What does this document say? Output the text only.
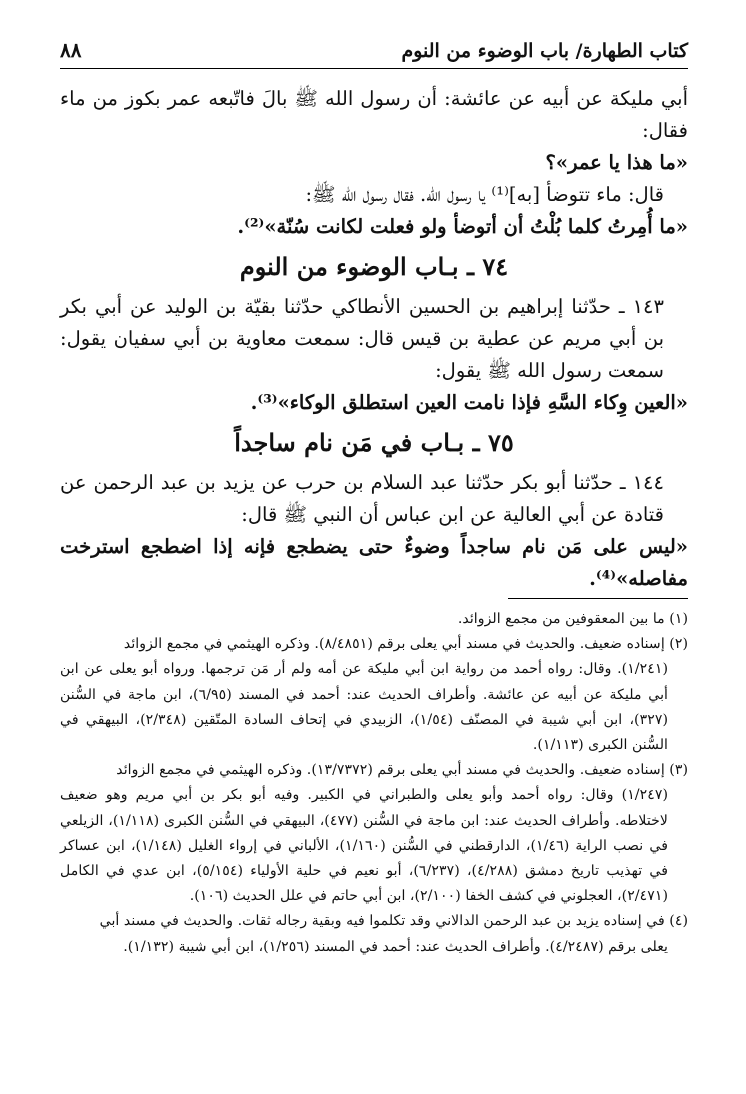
كتاب الطهارة/ باب الوضوء من النوم
٨٨

أبي مليكة عن أبيه عن عائشة: أن رسول الله ﷺ بالَ فاتّبعه عمر بكوز من ماء فقال:

«ما هذا يا عمر»؟

قال: ماء تتوضأ [به]⁽¹⁾ يا رسول الله. فقال رسول الله ﷺ:

«ما أُمِرتُ كلما بُلْتُ أن أتوضأ ولو فعلت لكانت سُنّة»⁽²⁾.

٧٤ ـ بـاب الوضوء من النوم

١٤٣ ـ حدّثنا إبراهيم بن الحسين الأنطاكي حدّثنا بقيّة بن الوليد عن أبي بكر بن أبي مريم عن عطية بن قيس قال: سمعت معاوية بن أبي سفيان يقول: سمعت رسول الله ﷺ يقول:

«العين وِكاء السَّهِ فإذا نامت العين استطلق الوكاء»⁽³⁾.

٧٥ ـ بـاب في مَن نام ساجداً

١٤٤ ـ حدّثنا أبو بكر حدّثنا عبد السلام بن حرب عن يزيد بن عبد الرحمن عن قتادة عن أبي العالية عن ابن عباس أن النبي ﷺ قال:

«ليس على مَن نام ساجداً وضوءٌ حتى يضطجع فإنه إذا اضطجع استرخت مفاصله»⁽⁴⁾.

(١) ما بين المعقوفين من مجمع الزوائد.

(٢) إسناده ضعيف. والحديث في مسند أبي يعلى برقم (٨/٤٨٥١). وذكره الهيثمي في مجمع الزوائد
(١/٢٤١). وقال: رواه أحمد من رواية ابن أبي مليكة عن أمه ولم أر مَن ترجمها. ورواه أبو يعلى عن ابن أبي مليكة عن أبيه عن عائشة. وأطراف الحديث عند: أحمد في المسند (٦/٩٥)، ابن ماجة في السُّنن (٣٢٧)، ابن أبي شيبة في المصنّف (١/٥٤)، الزبيدي في إتحاف السادة المتّقين (٢/٣٤٨)، البيهقي في السُّنن الكبرى (١/١١٣).

(٣) إسناده ضعيف. والحديث في مسند أبي يعلى برقم (١٣/٧٣٧٢). وذكره الهيثمي في مجمع الزوائد
(١/٢٤٧) وقال: رواه أحمد وأبو يعلى والطبراني في الكبير. وفيه أبو بكر بن أبي مريم وهو ضعيف لاختلاطه. وأطراف الحديث عند: ابن ماجة في السُّنن (٤٧٧)، البيهقي في السُّنن الكبرى (١/١١٨)، الزيلعي في نصب الراية (١/٤٦)، الدارقطني في السُّنن (١/١٦٠)، الألباني في إرواء الغليل (١/١٤٨)، ابن عساكر في تهذيب تاريخ دمشق (٤/٢٨٨)، (٦/٢٣٧)، أبو نعيم في حلية الأولياء (٥/١٥٤)، ابن عدي في الكامل (٢/٤٧١)، العجلوني في كشف الخفا (٢/١٠٠)، ابن أبي حاتم في علل الحديث (١٠٦).

(٤) في إسناده يزيد بن عبد الرحمن الدالاني وقد تكلموا فيه وبقية رجاله ثقات. والحديث في مسند أبي
يعلى برقم (٤/٢٤٨٧). وأطراف الحديث عند: أحمد في المسند (١/٢٥٦)، ابن أبي شيبة (١/١٣٢).
